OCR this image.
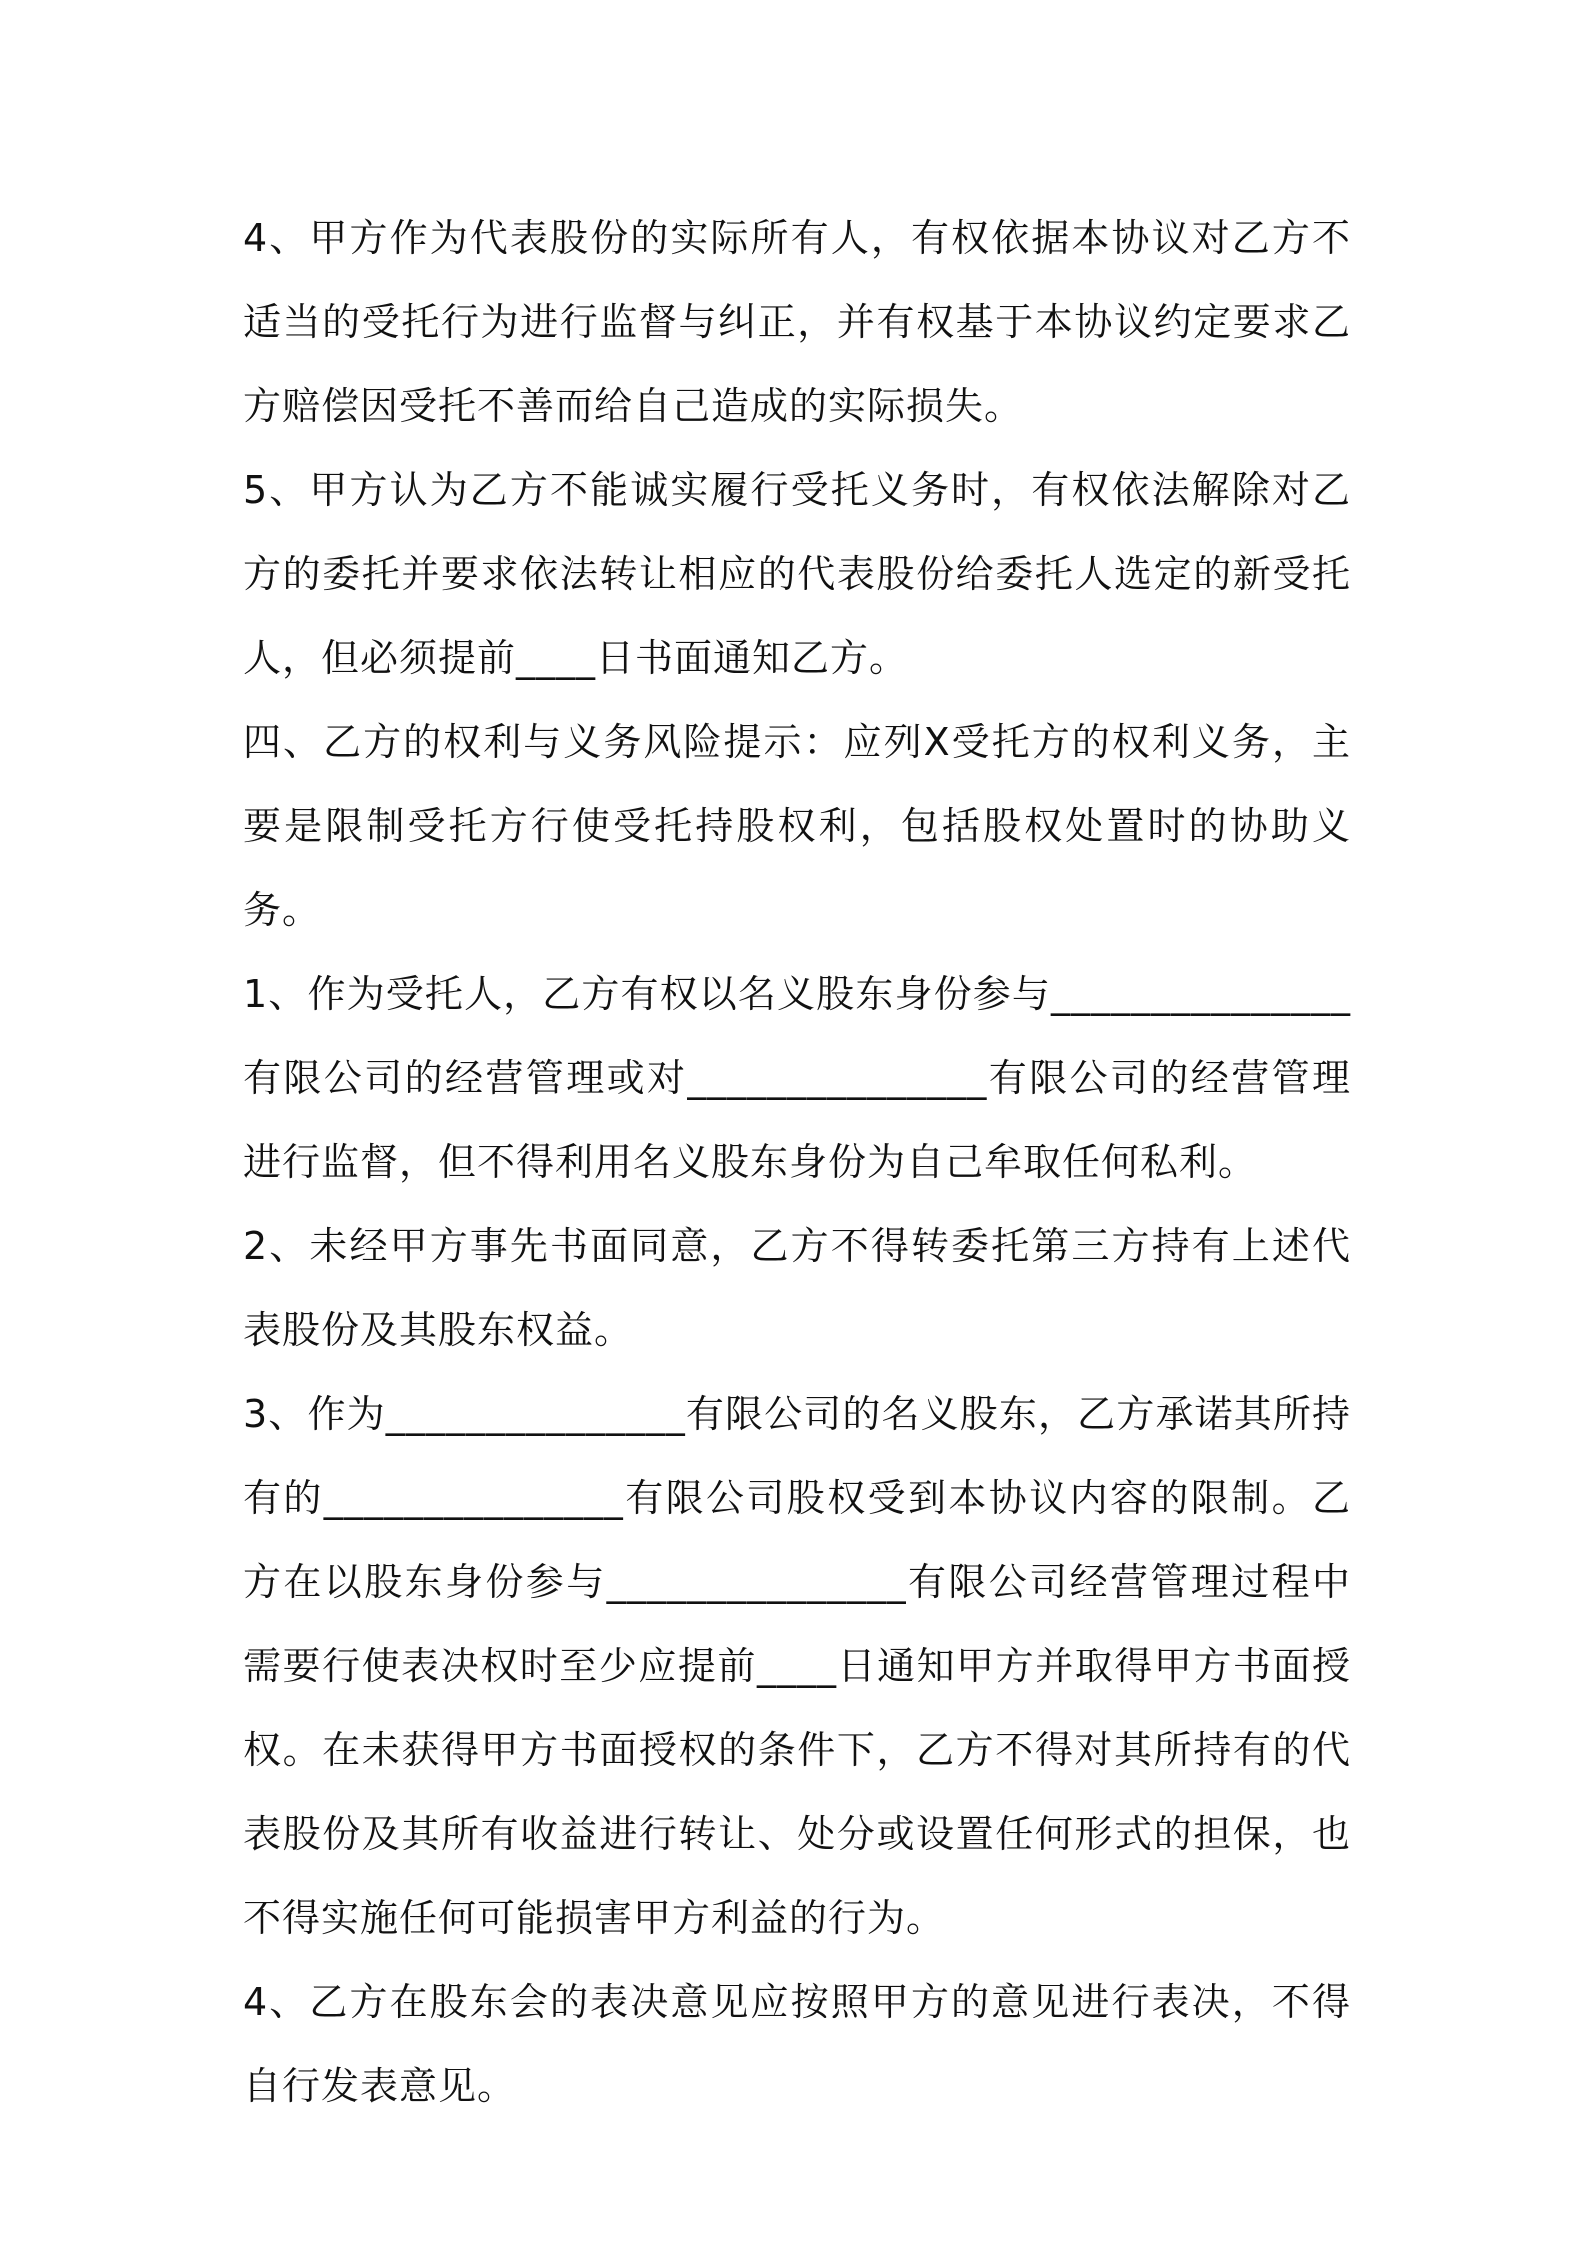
4、甲方作为代表股份的实际所有人，有权依据本协议对乙方不适当的受托行为进行监督与纠正，并有权基于本协议约定要求乙方赔偿因受托不善而给自己造成的实际损失。

5、甲方认为乙方不能诚实履行受托义务时，有权依法解除对乙方的委托并要求依法转让相应的代表股份给委托人选定的新受托人，但必须提前____日书面通知乙方。

四、乙方的权利与义务风险提示：应列X受托方的权利义务，主要是限制受托方行使受托持股权利，包括股权处置时的协助义务。

1、作为受托人，乙方有权以名义股东身份参与_______________有限公司的经营管理或对_______________有限公司的经营管理进行监督，但不得利用名义股东身份为自己牟取任何私利。

2、未经甲方事先书面同意，乙方不得转委托第三方持有上述代表股份及其股东权益。

3、作为_______________有限公司的名义股东，乙方承诺其所持有的_______________有限公司股权受到本协议内容的限制。乙方在以股东身份参与_______________有限公司经营管理过程中需要行使表决权时至少应提前____日通知甲方并取得甲方书面授权。在未获得甲方书面授权的条件下，乙方不得对其所持有的代表股份及其所有收益进行转让、处分或设置任何形式的担保，也不得实施任何可能损害甲方利益的行为。

4、乙方在股东会的表决意见应按照甲方的意见进行表决，不得自行发表意见。
